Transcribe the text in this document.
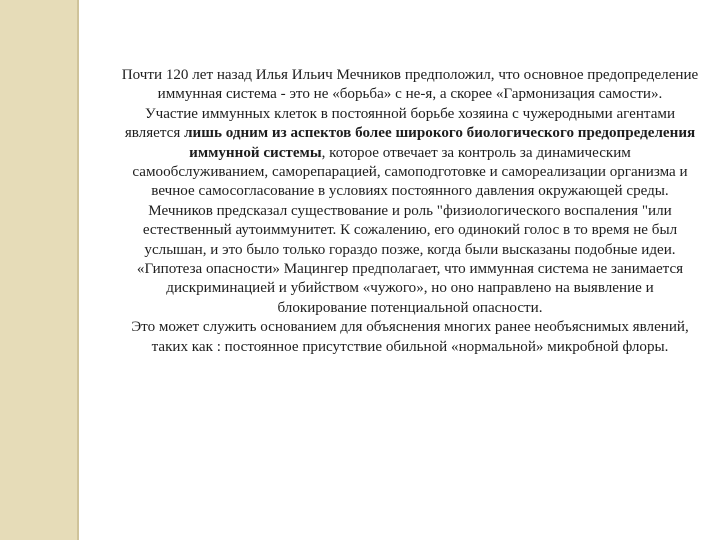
Почти 120 лет назад Илья Ильич Мечников предположил, что основное предопределение иммунная система - это не «борьба» с не-я, а скорее «Гармонизация самости».

Участие иммунных клеток в постоянной борьбе хозяина с чужеродными агентами является лишь одним из аспектов более широкого биологического предопределения иммунной системы, которое отвечает за контроль за динамическим самообслуживанием, саморепарацией, самоподготовке и самореализации организма и вечное самосогласование в условиях постоянного давления окружающей среды.

Мечников предсказал существование и роль "физиологического воспаления "или естественный аутоиммунитет. К сожалению, его одинокий голос в то время не был услышан, и это было только гораздо позже, когда были высказаны подобные идеи.

«Гипотеза опасности» Мацингер предполагает, что иммунная система не занимается дискриминацией и убийством «чужого», но оно направлено на выявление и блокирование потенциальной опасности.

Это может служить основанием для объяснения многих ранее необъяснимых явлений, таких как : постоянное присутствие обильной «нормальной» микробной флоры.
